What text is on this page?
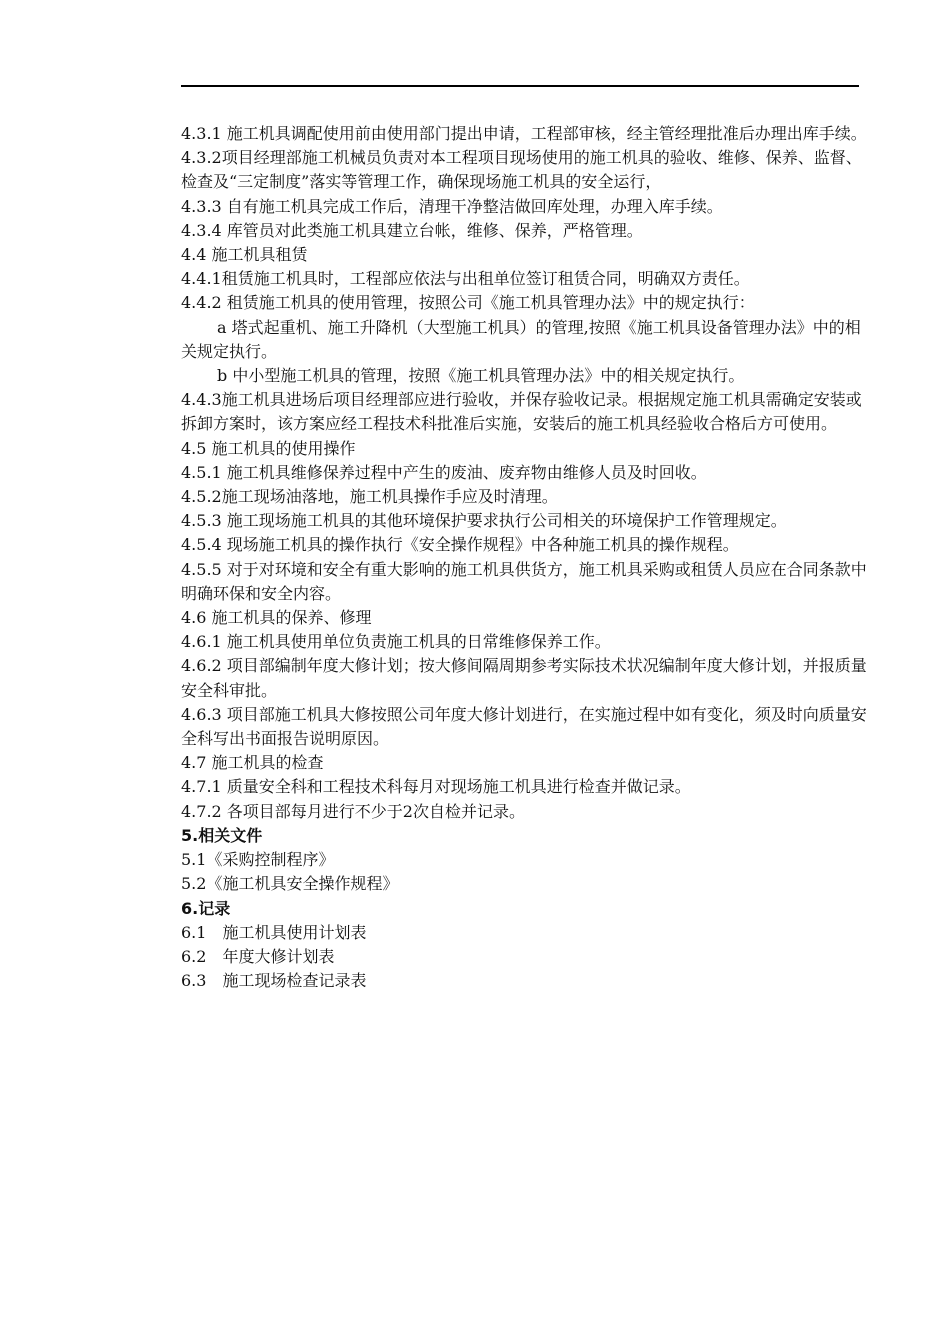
4.3.1 施工机具调配使用前由使用部门提出申请，工程部审核，经主管经理批准后办理出库手续。

4.3.2项目经理部施工机械员负责对本工程项目现场使用的施工机具的验收、维修、保养、监督、检查及“三定制度”落实等管理工作，确保现场施工机具的安全运行，

4.3.3 自有施工机具完成工作后，清理干净整洁做回库处理，办理入库手续。

4.3.4 库管员对此类施工机具建立台帐，维修、保养，严格管理。

4.4 施工机具租赁

4.4.1租赁施工机具时，工程部应依法与出租单位签订租赁合同，明确双方责任。

4.4.2 租赁施工机具的使用管理，按照公司《施工机具管理办法》中的规定执行：

a 塔式起重机、施工升降机（大型施工机具）的管理,按照《施工机具设备管理办法》中的相关规定执行。

b 中小型施工机具的管理，按照《施工机具管理办法》中的相关规定执行。

4.4.3施工机具进场后项目经理部应进行验收，并保存验收记录。根据规定施工机具需确定安装或拆卸方案时，该方案应经工程技术科批准后实施，安装后的施工机具经验收合格后方可使用。

4.5 施工机具的使用操作

4.5.1 施工机具维修保养过程中产生的废油、废弃物由维修人员及时回收。

4.5.2施工现场油落地，施工机具操作手应及时清理。

4.5.3 施工现场施工机具的其他环境保护要求执行公司相关的环境保护工作管理规定。

4.5.4 现场施工机具的操作执行《安全操作规程》中各种施工机具的操作规程。

4.5.5 对于对环境和安全有重大影响的施工机具供货方，施工机具采购或租赁人员应在合同条款中明确环保和安全内容。

4.6 施工机具的保养、修理

4.6.1 施工机具使用单位负责施工机具的日常维修保养工作。

4.6.2 项目部编制年度大修计划；按大修间隔周期参考实际技术状况编制年度大修计划，并报质量安全科审批。

4.6.3 项目部施工机具大修按照公司年度大修计划进行，在实施过程中如有变化，须及时向质量安全科写出书面报告说明原因。

4.7 施工机具的检查

4.7.1 质量安全科和工程技术科每月对现场施工机具进行检查并做记录。

4.7.2 各项目部每月进行不少于2次自检并记录。

5.相关文件

5.1《采购控制程序》

5.2《施工机具安全操作规程》

6.记录

6.1　施工机具使用计划表

6.2　年度大修计划表

6.3　施工现场检查记录表
